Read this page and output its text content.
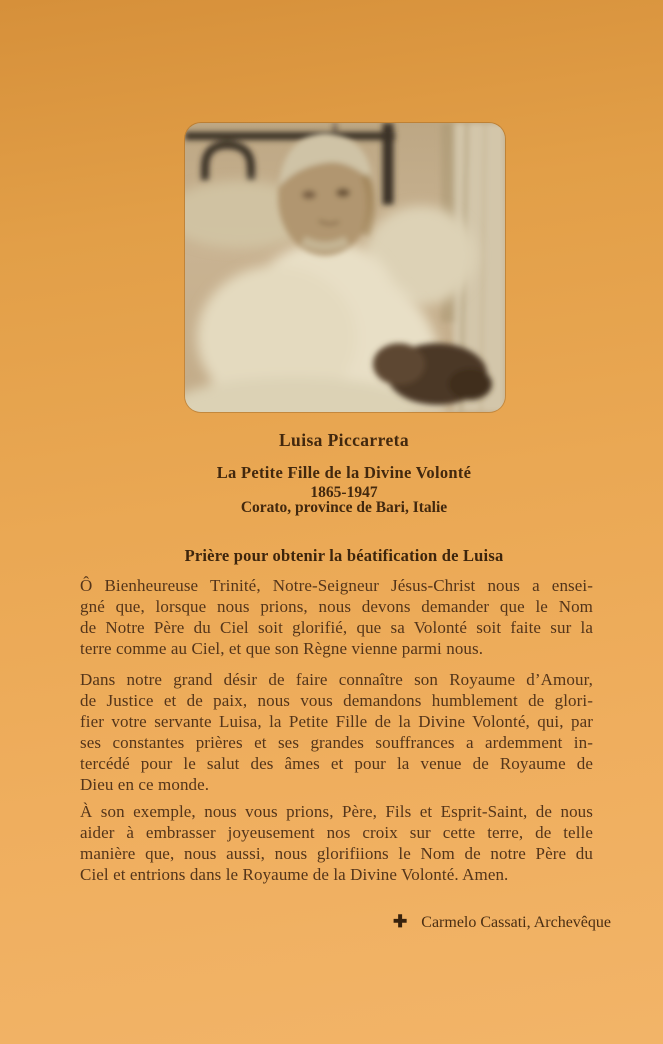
Luisa Piccarreta
La Petite Fille de la Divine Volonté
1865-1947
Corato, province de Bari, Italie
Prière pour obtenir la béatification de Luisa
Ô Bienheureuse Trinité, Notre-Seigneur Jésus-Christ nous a ensei-
gné que, lorsque nous prions, nous devons demander que le Nom
de Notre Père du Ciel soit glorifié, que sa Volonté soit faite sur la
terre comme au Ciel, et que son Règne vienne parmi nous.
Dans notre grand désir de faire connaître son Royaume d’Amour,
de Justice et de paix, nous vous demandons humblement de glori-
fier votre servante Luisa, la Petite Fille de la Divine Volonté, qui, par
ses constantes prières et ses grandes souffrances a ardemment in-
tercédé pour le salut des âmes et pour la venue de Royaume de
Dieu en ce monde.
À son exemple, nous vous prions, Père, Fils et Esprit-Saint, de nous
aider à embrasser joyeusement nos croix sur cette terre, de telle
manière que, nous aussi, nous glorifiions le Nom de notre Père du
Ciel et entrions dans le Royaume de la Divine Volonté. Amen.
✚ Carmelo Cassati, Archevêque
